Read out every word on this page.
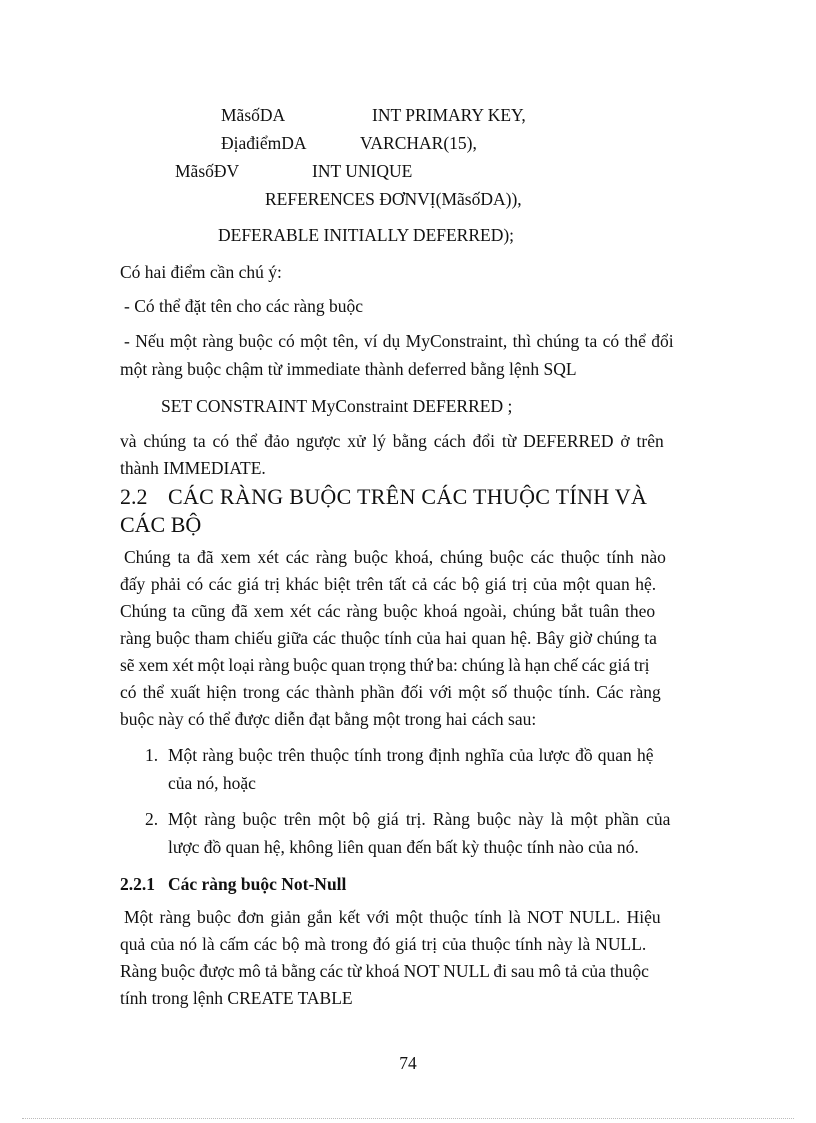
MãsốDA	INT PRIMARY KEY,
ĐịađiểmDA	VARCHAR(15),
MãsốĐV	INT UNIQUE
REFERENCES ĐƠNVỊ(MãsốDA)),
DEFERABLE INITIALLY DEFERRED);
Có hai điểm cần chú ý:
- Có thể đặt tên cho các ràng buộc
- Nếu một ràng buộc có một tên, ví dụ MyConstraint, thì chúng ta có thể đổi
một ràng buộc chậm từ immediate thành deferred bằng lệnh SQL
SET CONSTRAINT MyConstraint DEFERRED ;
và chúng ta có thể đảo ngược xử lý bằng cách đổi từ DEFERRED ở trên
thành IMMEDIATE.
2.2 CÁC RÀNG BUỘC TRÊN CÁC THUỘC TÍNH VÀ
CÁC BỘ
Chúng ta đã xem xét các ràng buộc khoá, chúng buộc các thuộc tính nào
đấy phải có các giá trị khác biệt trên tất cả các bộ giá trị của một quan hệ.
Chúng ta cũng đã xem xét các ràng buộc khoá ngoài, chúng bắt tuân theo
ràng buộc tham chiếu giữa các thuộc tính của hai quan hệ. Bây giờ chúng ta
sẽ xem xét một loại ràng buộc quan trọng thứ ba: chúng là hạn chế các giá trị
có thể xuất hiện trong các thành phần đối với một số thuộc tính. Các ràng
buộc này có thể được diễn đạt bằng một trong hai cách sau:
1. Một ràng buộc trên thuộc tính trong định nghĩa của lược đồ quan hệ
của nó, hoặc
2. Một ràng buộc trên một bộ giá trị. Ràng buộc này là một phần của
lược đồ quan hệ, không liên quan đến bất kỳ thuộc tính nào của nó.
2.2.1 Các ràng buộc Not-Null
Một ràng buộc đơn giản gắn kết với một thuộc tính là NOT NULL. Hiệu
quả của nó là cấm các bộ mà trong đó giá trị của thuộc tính này là NULL.
Ràng buộc được mô tả bằng các từ khoá NOT NULL đi sau mô tả của thuộc
tính trong lệnh CREATE TABLE
74
